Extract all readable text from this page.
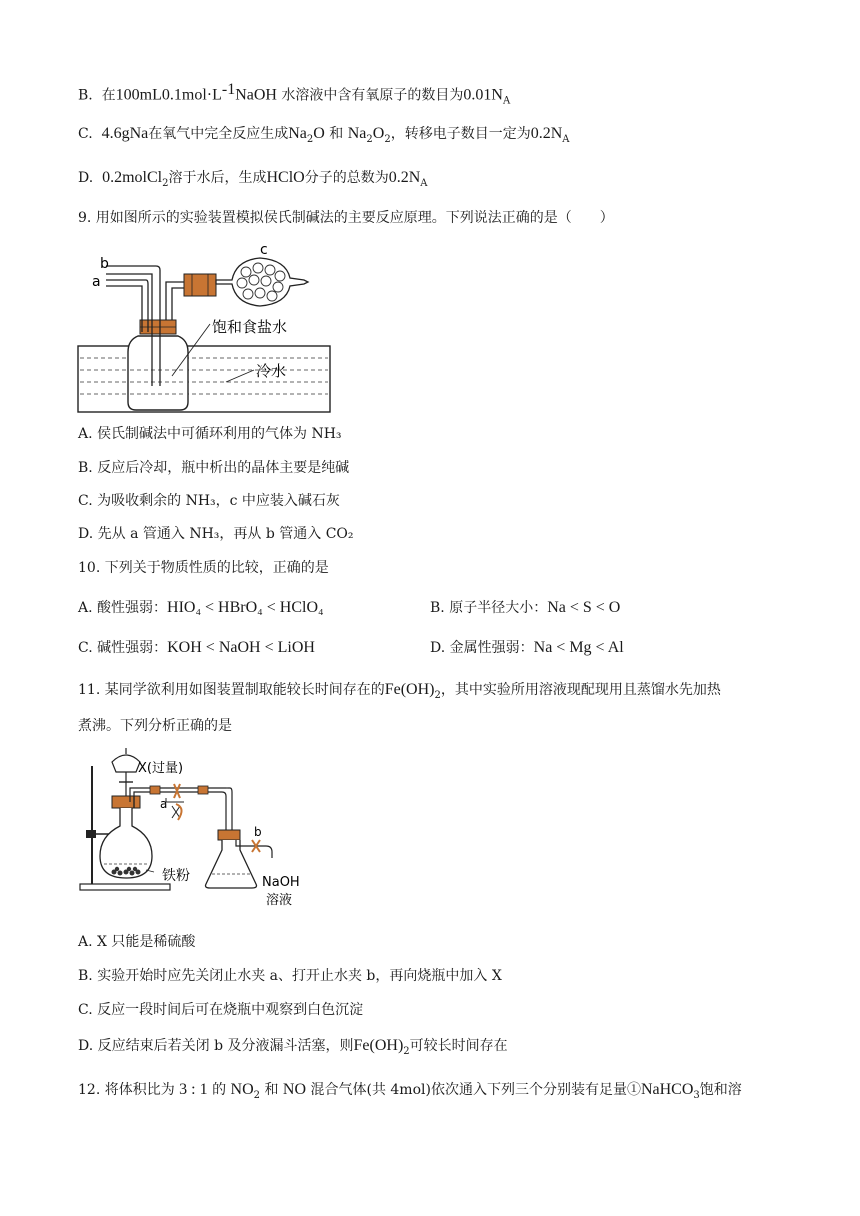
B. 在$100mL0.1mol\cdot L^{-1}NaOH$ 水溶液中含有氧原子的数目为$0.01N_A$
C. 4.6gNa在氧气中完全反应生成$Na_2O$ 和 $Na_2O_2$，转移电子数目一定为$0.2N_A$
D. 0.2molCl$_2$溶于水后，生成HClO分子的总数为$0.2N_A$
9. 用如图所示的实验装置模拟侯氏制碱法的主要反应原理。下列说法正确的是（　　）
b
a
c
饱和食盐水
冷水
A. 侯氏制碱法中可循环利用的气体为 NH₃
B. 反应后冷却，瓶中析出的晶体主要是纯碱
C. 为吸收剩余的 NH₃，c 中应装入碱石灰
D. 先从 a 管通入 NH₃，再从 b 管通入 CO₂
10. 下列关于物质性质的比较，正确的是
A. 酸性强弱：HIO₄ < HBrO₄ < HClO₄	B. 原子半径大小：Na < S < O
C. 碱性强弱：KOH < NaOH < LiOH	D. 金属性强弱：Na < Mg < Al
11. 某同学欲利用如图装置制取能较长时间存在的$Fe(OH)_2$，其中实验所用溶液现配现用且蒸馏水先加热
煮沸。下列分析正确的是
X(过量)
a
b
铁粉	NaOH
溶液
A. X 只能是稀硫酸
B. 实验开始时应先关闭止水夹 a、打开止水夹 b，再向烧瓶中加入 X
C. 反应一段时间后可在烧瓶中观察到白色沉淀
D. 反应结束后若关闭 b 及分液漏斗活塞，则$Fe(OH)_2$可较长时间存在
12. 将体积比为 3 : 1 的 $NO_2$ 和 NO 混合气体(共 4mol)依次通入下列三个分别装有足量①NaHCO$_3$饱和溶
